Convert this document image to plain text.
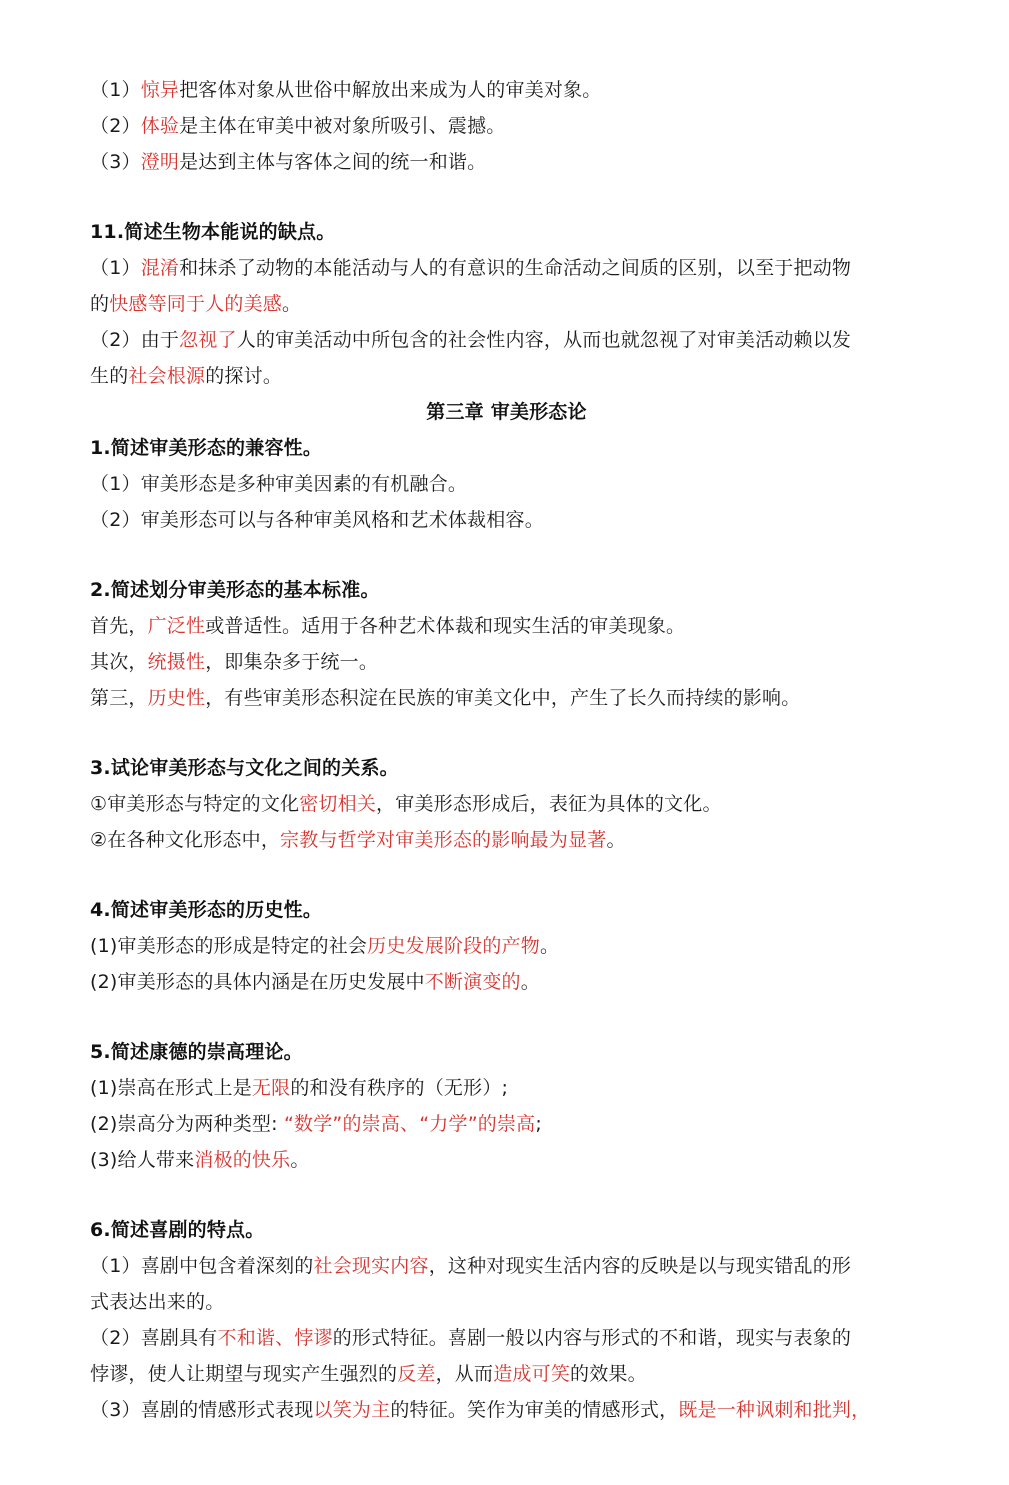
（1）惊异把客体对象从世俗中解放出来成为人的审美对象。
（2）体验是主体在审美中被对象所吸引、震撼。
（3）澄明是达到主体与客体之间的统一和谐。
11.简述生物本能说的缺点。
（1）混淆和抹杀了动物的本能活动与人的有意识的生命活动之间质的区别，以至于把动物
的快感等同于人的美感。
（2）由于忽视了人的审美活动中所包含的社会性内容，从而也就忽视了对审美活动赖以发
生的社会根源的探讨。
第三章 审美形态论
1.简述审美形态的兼容性。
（1）审美形态是多种审美因素的有机融合。
（2）审美形态可以与各种审美风格和艺术体裁相容。
2.简述划分审美形态的基本标准。
首先，广泛性或普适性。适用于各种艺术体裁和现实生活的审美现象。
其次，统摄性，即集杂多于统一。
第三，历史性，有些审美形态积淀在民族的审美文化中，产生了长久而持续的影响。
3.试论审美形态与文化之间的关系。
①审美形态与特定的文化密切相关，审美形态形成后，表征为具体的文化。
②在各种文化形态中，宗教与哲学对审美形态的影响最为显著。
4.简述审美形态的历史性。
(1)审美形态的形成是特定的社会历史发展阶段的产物。
(2)审美形态的具体内涵是在历史发展中不断演变的。
5.简述康德的崇高理论。
(1)崇高在形式上是无限的和没有秩序的（无形）;
(2)崇高分为两种类型: “数学”的崇高、“力学”的崇高;
(3)给人带来消极的快乐。
6.简述喜剧的特点。
（1）喜剧中包含着深刻的社会现实内容，这种对现实生活内容的反映是以与现实错乱的形
式表达出来的。
（2）喜剧具有不和谐、悖谬的形式特征。喜剧一般以内容与形式的不和谐，现实与表象的
悖谬，使人让期望与现实产生强烈的反差，从而造成可笑的效果。
（3）喜剧的情感形式表现以笑为主的特征。笑作为审美的情感形式，既是一种讽刺和批判，
